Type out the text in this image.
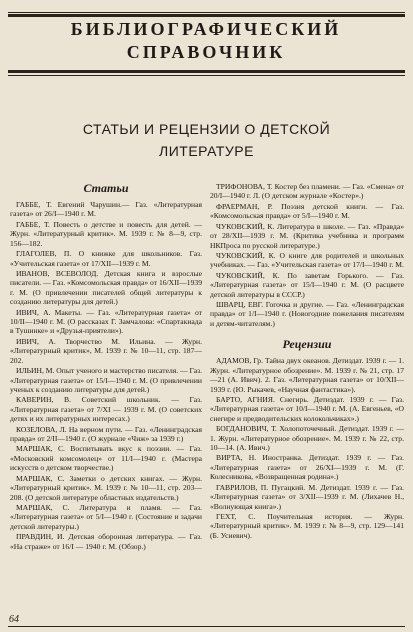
БИБЛИОГРАФИЧЕСКИЙ
СПРАВОЧНИК
СТАТЬИ И РЕЦЕНЗИИ О ДЕТСКОЙ
ЛИТЕРАТУРЕ
Статьи

ГАББЕ, Т. Евгений Чарушин.— Газ. «Литературная газета» от 26/I—1940 г. М.

ГАББЕ, Т. Повесть о детстве и повесть для детей. — Журн. «Литературный критик». М. 1939 г. № 8—9, стр. 156—182.

ГЛАГОЛЕВ, П. О книжке для школьников. Газ. «Учительская газета» от 17/XII—1939 г. М.

ИВАНОВ, ВСЕВОЛОД. Детская книга и взрослые писатели. — Газ. «Комсомольская правда» от 16/XII—1939 г. М. (О привлечении писателей общей литературы к созданию литературы для детей.)

ИВИЧ, А. Макеты. — Газ. «Литературная газета» от 10/II—1940 г. М. (О рассказах Г. Замчалова: «Спартакиада в Тушинке» и «Друзья-приятели»).

ИВИЧ, А. Творчество М. Ильина. — Журн. «Литературный критик», М. 1939 г. № 10—11, стр. 187—202.

ИЛЬИН, М. Опыт ученого и мастерство писателя. — Газ. «Литературная газета» от 15/I—1940 г. М. (О привлечении ученых к созданию литературы для детей.)

КАВЕРИН, В. Советский школьник. — Газ. «Литературная газета» от 7/XI — 1939 г. М. (О советских детях и их литературных интересах.)

КОЗЕЛОВА, Л. На верном пути. — Газ. «Ленинградская правда» от 2/II—1940 г. (О журнале «Чиж» за 1939 г.)

МАРШАК, С. Воспитывать вкус к поэзии. — Газ. «Московский комсомолец» от 11/I—1940 г. (Мастера искусств о детском творчестве.)

МАРШАК, С. Заметки о детских книгах. — Журн. «Литературный критик». М. 1939 г. № 10—11, стр. 203—208. (О детской литературе областных издательств.)

МАРШАК, С. Литература и пламя. — Газ. «Литературная газета» от 5/I—1940 г. (Состояние и задачи детской литературы.)

ПРАВДИН, И. Детская оборонная литература. — Газ. «На страже» от 16/I — 1940 г. М. (Обзор.)

ТРИФОНОВА, Т. Костер без пламени. — Газ. «Смена» от 20/I—1940 г. Л. (О детском журнале «Костер».)

ФРАЕРМАН, Р. Поэзия детской книги. — Газ. «Комсомольская правда» от 5/I—1940 г. М.

ЧУКОВСКИЙ, К. Литература в школе. — Газ. «Правда» от 28/XII—1939 г. М. (Критика учебника и программ НКПроса по русской литературе.)

ЧУКОВСКИЙ, К. О книге для родителей и школьных учебниках. — Газ. «Учительская газета» от 17/I—1940 г. М.

ЧУКОВСКИЙ, К. По заветам Горького. — Газ. «Литературная газета» от 15/I—1940 г. М. (О расцвете детской литературы в СССР.)

ШВАРЦ, ЕВГ. Гогочка и другие. — Газ. «Ленинградская правда» от 1/I—1940 г. (Новогодние пожелания писателям и детям-читателям.)

Рецензии

АДАМОВ, Гр. Тайна двух океанов. Детиздат. 1939 г. — 1. Журн. «Литературное обозрение». М. 1939 г. № 21, стр. 17—21 (А. Ивич). 2. Газ. «Литературная газета» от 10/XII—1939 г. (Ю. Рыкачев, «Научная фантастика»).

БАРТО, АГНИЯ. Снегирь. Детиздат. 1939 г. — Газ. «Литературная газета» от 10/I—1940 г. М. (А. Евгеньев, «О снегире и предводительских колокольчиках».)

БОГДАНОВИЧ, Т. Холопоточечный. Детиздат. 1939 г. — 1. Журн. «Литературное обозрение». М. 1939 г. № 22, стр. 10—14. (А. Ивич.)

ВИРТА, Н. Иностранка. Детиздат. 1939 г. — Газ. «Литературная газета» от 26/XI—1939 г. М. (Г. Колесникова, «Возвращенная родина».)

ГАВРИЛОВ, П. Пугацкий. М. Детиздат. 1939 г. — Газ. «Литературная газета» от 3/XII—1939 г. М. (Лихачев Н., «Волнующая книга».)

ГЕХТ, С. Поучительная история. — Журн. «Литературный критик». М. 1939 г. № 8—9, стр. 129—141 (Б. Усиевич).

64
